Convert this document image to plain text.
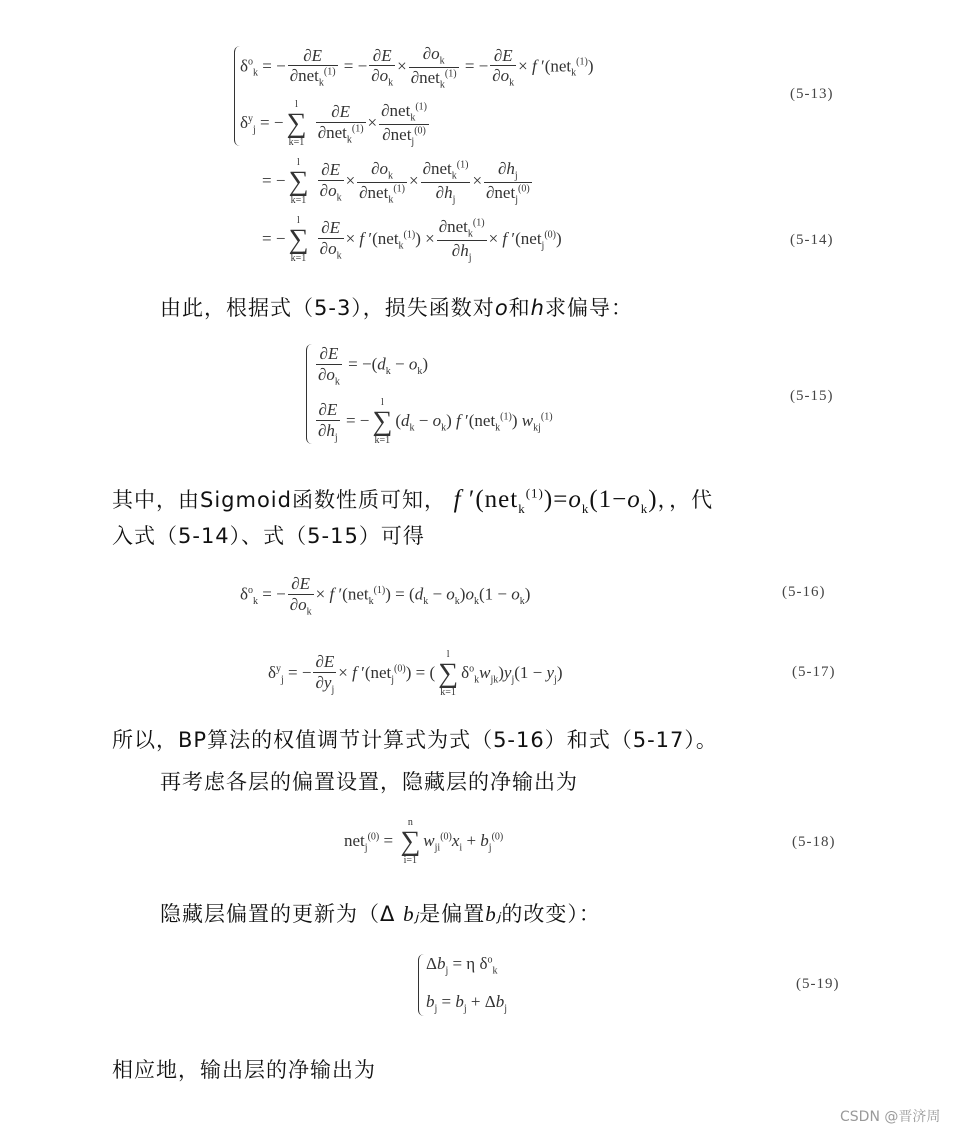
$\delta^o_k$ = − $\frac{\partial E}{\partial net_k^{(1)}}$ = − $\frac{\partial E}{\partial o_k} \times \frac{\partial o_k}{\partial net_k^{(1)}}$ = − $\frac{\partial E}{\partial o_k} \times f$ ′(net$_k^{(1)}$)
(5-13)
$\delta^y_j$ = −
l
∑
k=1
$\frac{\partial E}{\partial net_k^{(1)}} \times \frac{\partial net_k^{(1)}}{\partial net_j^{(0)}}$
= −
l
∑
k=1
$\frac{\partial E}{\partial o_k} \times \frac{\partial o_k}{\partial net_k^{(1)}} \times \frac{\partial net_k^{(1)}}{\partial h_j} \times \frac{\partial h_j}{\partial net_j^{(0)}}$
= −
l
∑
k=1
$\frac{\partial E}{\partial o_k} \times f$ $'(net_k^{(1)}) \times \frac{\partial net_k^{(1)}}{\partial h_j} \times f$ ′(net$_j^{(0)}$)	(5-14)
由此，根据式（5-3），损失函数对o和h求偏导：
$\frac{\partial E}{\partial o_k} = -(d_k - o_k)$
$\frac{\partial E}{\partial h_j}$ = −
l
∑
k=1
$(d_k - o_k)$ f ′(net$_k^{(1)}$) $w_{kj}^{(1)}$
(5-15)
其中，由Sigmoid函数性质可知， f $'(net_k^{(1)})=o_k(1-o_k)$，，代
入式（5-14）、式（5-15）可得
$\delta^o_k$ = − $\frac{\partial E}{\partial o_k} \times f$ $'(net_k^{(1)}) = (d_k - o_k)o_k(1 - o_k)$	(5-16)
$\delta^y_j$ = − $\frac{\partial E}{\partial y_j} \times f$ ′(net$_j^{(0)}$) = (
l
∑
k=1
$\delta^o_kw_{jk})y_j(1 - y_j)$	(5-17)
所以，BP算法的权值调节计算式为式（5-16）和式（5-17）。
再考虑各层的偏置设置，隐藏层的净输出为
net$_j^{(0)}$ =
n
∑
i=1
$w_{ji}^{(0)}x_i + b_j^{(0)}$	(5-18)
隐藏层偏置的更新为（Δ bⱼ是偏置bⱼ的改变）：
$\Delta b_j = \eta$ $\delta^o_k$
$b_j = b_j + \Delta b_j$
(5-19)
相应地，输出层的净输出为
CSDN @晋济周
